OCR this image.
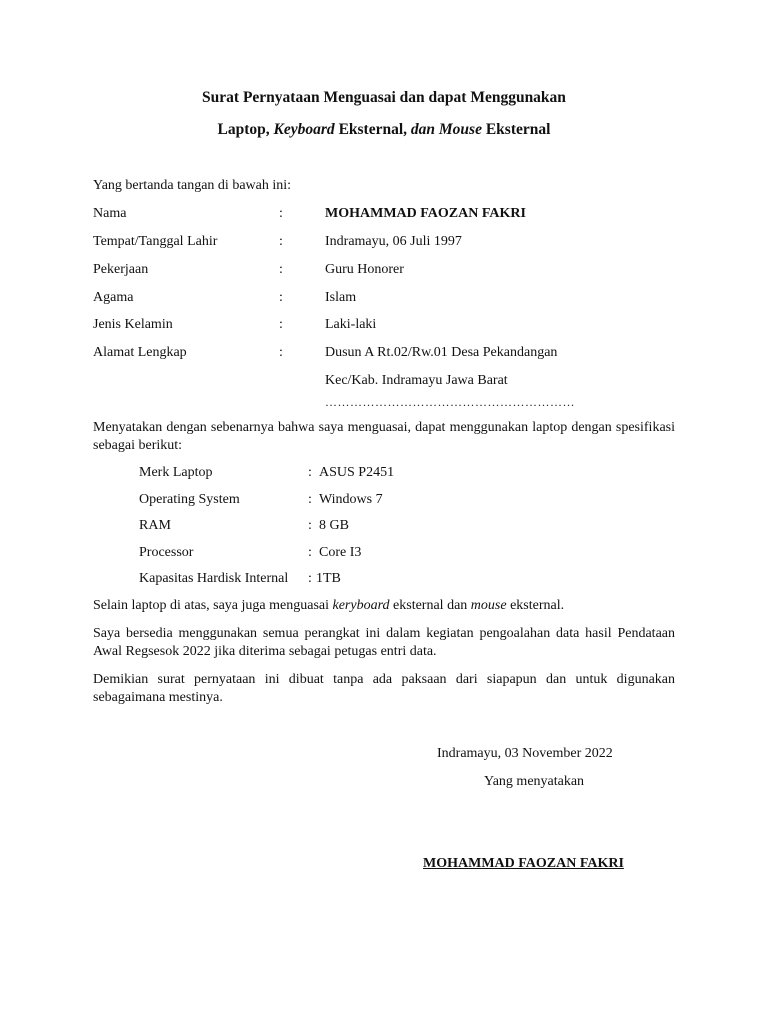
Surat Pernyataan Menguasai dan dapat Menggunakan
Laptop, Keyboard Eksternal, dan Mouse Eksternal
Yang bertanda tangan di bawah ini:
Nama	:	MOHAMMAD FAOZAN FAKRI
Tempat/Tanggal Lahir	:	Indramayu, 06 Juli 1997
Pekerjaan	:	Guru Honorer
Agama	:	Islam
Jenis Kelamin	:	Laki-laki
Alamat Lengkap	:	Dusun A Rt.02/Rw.01 Desa Pekandangan
Kec/Kab. Indramayu Jawa Barat
……………………………………………………
Menyatakan dengan sebenarnya bahwa saya menguasai, dapat menggunakan laptop dengan spesifikasi sebagai berikut:
Merk Laptop	: ASUS P2451
Operating System	: Windows 7
RAM	: 8 GB
Processor	: Core I3
Kapasitas Hardisk Internal : 1TB
Selain laptop di atas, saya juga menguasai keryboard eksternal dan mouse eksternal.
Saya bersedia menggunakan semua perangkat ini dalam kegiatan pengoalahan data hasil Pendataan Awal Regsesok 2022 jika diterima sebagai petugas entri data.
Demikian surat pernyataan ini dibuat tanpa ada paksaan dari siapapun dan untuk digunakan sebagaimana mestinya.
Indramayu, 03 November 2022
Yang menyatakan
MOHAMMAD FAOZAN FAKRI
